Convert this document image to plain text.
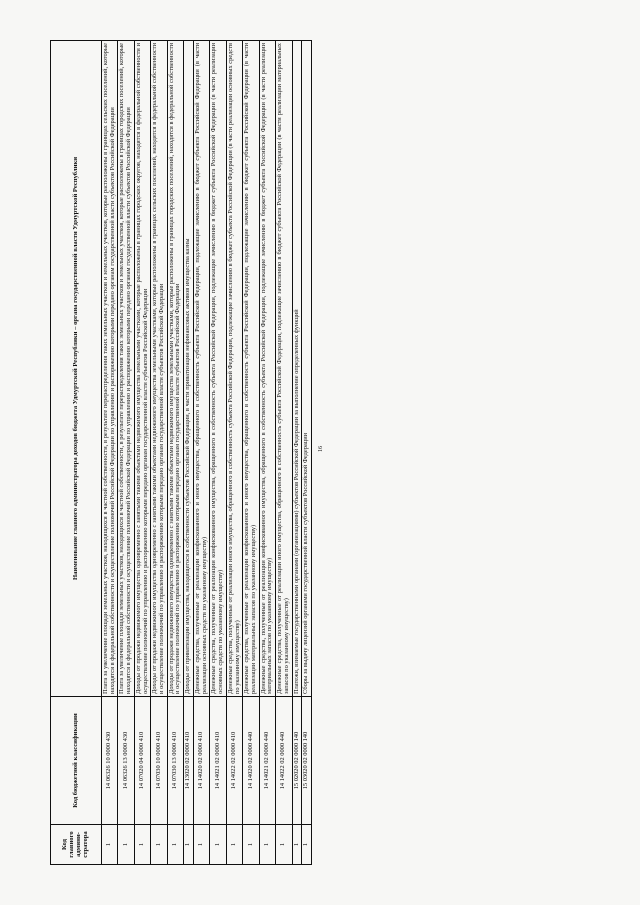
16
Код главного админи-стратора	Код бюджетной классификации	Наименование главного администратора доходов бюджета Удмуртской Республики – органа государственной власти Удмуртской Республики
1	14 06326 10 0000 430	Плата за увеличение площади земельных участков, находящихся в частной собственности, в результате перераспределения таких земельных участков и земельных участков, которые расположены в границах сельских поселений, которые находятся в федеральной собственности и осуществление полномочий Российской Федерации по управлению и распоряжению которыми передано органам государственной власти субъектов Российской Федерации
1	14 06326 13 0000 430	Плата за увеличение площади земельных участков, находящихся в частной собственности, в результате перераспределения таких земельных участков и земельных участков, которые расположены в границах городских поселений, которые находятся в федеральной собственности и осуществление полномочий Российской Федерации по управлению и распоряжению которыми передано органам государственной власти субъектов Российской Федерации
1	14 07020 04 0000 410	Доходы от продажи недвижимого имущества одновременно с занятыми такими объектами недвижимого имущества земельными участками, которые расположены в границах городских округов, находятся в федеральной собственности и осуществление полномочий по управлению и распоряжению которыми передано органам государственной власти субъектов Российской Федерации
1	14 07030 10 0000 410	Доходы от продажи недвижимого имущества одновременно с занятыми такими объектами недвижимого имущества земельными участками, которые расположены в границах сельских поселений, находятся в федеральной собственности и осуществление полномочий по управлению и распоряжению которыми передано органам государственной власти субъектов Российской Федерации
1	14 07030 13 0000 410	Доходы от продажи недвижимого имущества одновременно с занятыми такими объектами недвижимого имущества земельными участками, которые расположены в границах городских поселений, находятся в федеральной собственности и осуществление полномочий по управлению и распоряжению которыми передано органам государственной власти субъектов Российской Федерации
1	14 13020 02 0000 410	Доходы от приватизации имущества, находящегося в собственности субъектов Российской Федерации, в части приватизации нефинансовых активов имущества казны
1	14 14020 02 0000 410	Денежные средства, полученные от реализации конфискованного и иного имущества, обращенного в собственность субъекта Российской Федерации, подлежащие зачислению в бюджет субъекта Российской Федерации (в части реализации основных средств по указанному имуществу)
1	14 14021 02 0000 410	Денежные средства, полученные от реализации конфискованного имущества, обращенного в собственность субъекта Российской Федерации, подлежащие зачислению в бюджет субъекта Российской Федерации (в части реализации основных средств по указанному имуществу)
1	14 14022 02 0000 410	Денежные средства, полученные от реализации иного имущества, обращенного в собственность субъекта Российской Федерации, подлежащие зачислению в бюджет субъекта Российской Федерации (в части реализации основных средств по указанному имуществу)
1	14 14020 02 0000 440	Денежные средства, полученные от реализации конфискованного и иного имущества, обращенного в собственность субъекта Российской Федерации, подлежащие зачислению в бюджет субъекта Российской Федерации (в части реализации материальных запасов по указанному имуществу)
1	14 14021 02 0000 440	Денежные средства, полученные от реализации конфискованного имущества, обращенного в собственность субъекта Российской Федерации, подлежащие зачислению в бюджет субъекта Российской Федерации (в части реализации материальных запасов по указанному имуществу)
1	14 14022 02 0000 440	Денежные средства, полученные от реализации иного имущества, обращенного в собственность субъекта Российской Федерации, подлежащие зачислению в бюджет субъекта Российской Федерации (в части реализации материальных запасов по указанному имуществу)
1	15 02020 02 0000 140	Платежи, взимаемые государственными органами (организациями) субъектов Российской Федерации за выполнение определенных функций
1	15 03020 02 0000 140	Сборы за выдачу лицензий органами государственной власти субъектов Российской Федерации
